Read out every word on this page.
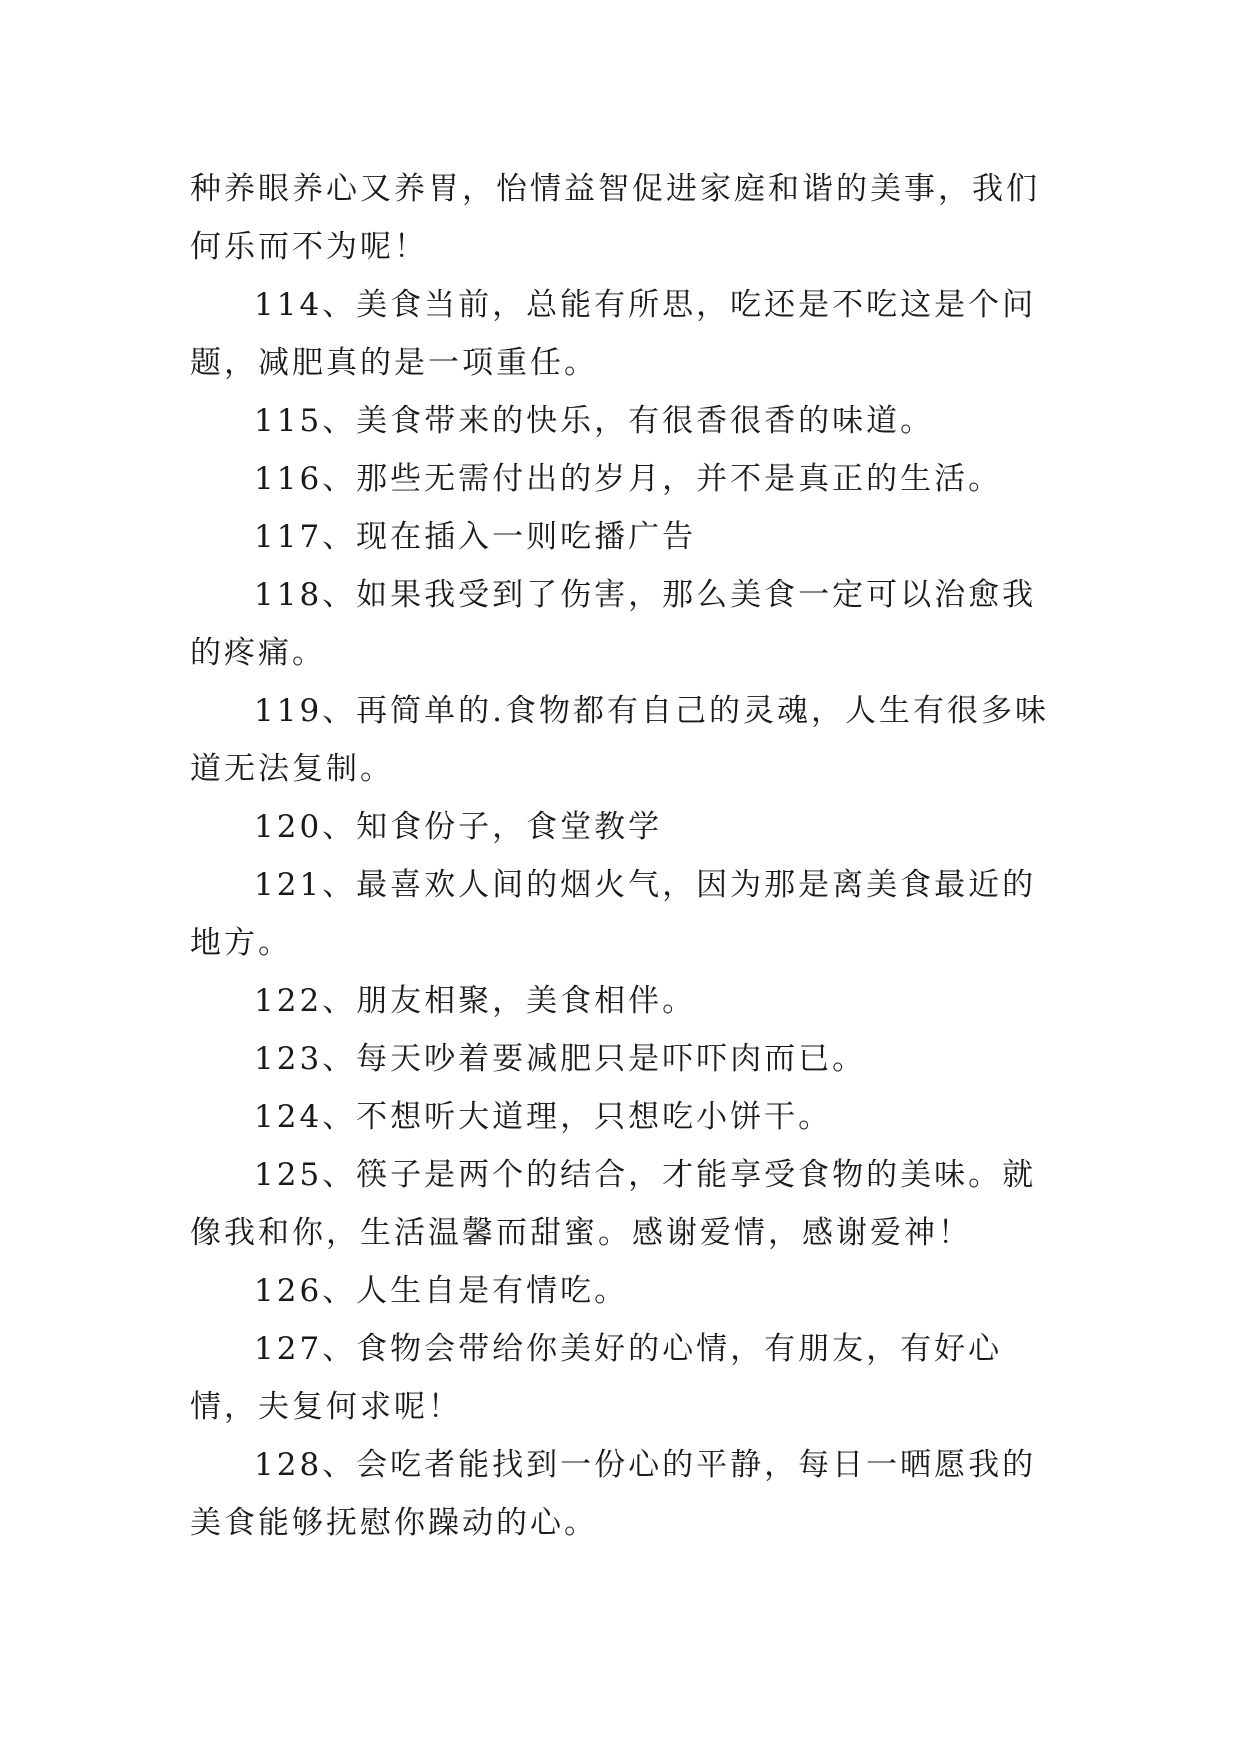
种养眼养心又养胃，怡情益智促进家庭和谐的美事，我们何乐而不为呢！

114、美食当前，总能有所思，吃还是不吃这是个问题，减肥真的是一项重任。

115、美食带来的快乐，有很香很香的味道。

116、那些无需付出的岁月，并不是真正的生活。

117、现在插入一则吃播广告

118、如果我受到了伤害，那么美食一定可以治愈我的疼痛。

119、再简单的.食物都有自己的灵魂，人生有很多味道无法复制。

120、知食份子，食堂教学

121、最喜欢人间的烟火气，因为那是离美食最近的地方。

122、朋友相聚，美食相伴。

123、每天吵着要减肥只是吓吓肉而已。

124、不想听大道理，只想吃小饼干。

125、筷子是两个的结合，才能享受食物的美味。就像我和你，生活温馨而甜蜜。感谢爱情，感谢爱神！

126、人生自是有情吃。

127、食物会带给你美好的心情，有朋友，有好心情，夫复何求呢！

128、会吃者能找到一份心的平静，每日一晒愿我的美食能够抚慰你躁动的心。
